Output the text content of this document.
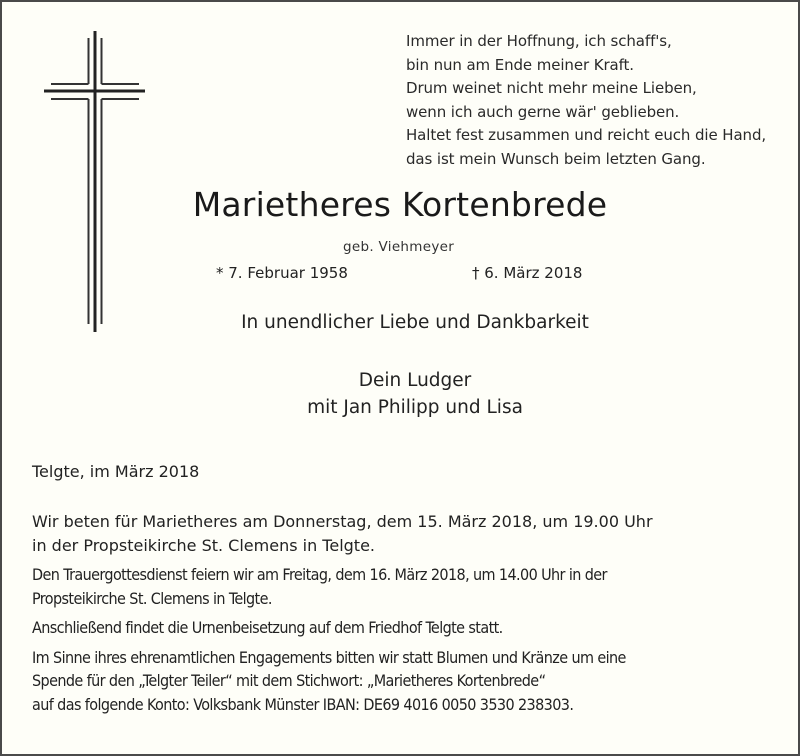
Immer in der Hoffnung, ich schaff's,
bin nun am Ende meiner Kraft.
Drum weinet nicht mehr meine Lieben,
wenn ich auch gerne wär' geblieben.
Haltet fest zusammen und reicht euch die Hand,
das ist mein Wunsch beim letzten Gang.
Marietheres Kortenbrede
geb. Viehmeyer
* 7. Februar 1958	† 6. März 2018
In unendlicher Liebe und Dankbarkeit
Dein Ludger
mit Jan Philipp und Lisa
Telgte, im März 2018

Wir beten für Marietheres am Donnerstag, dem 15. März 2018, um 19.00 Uhr
in der Propsteikirche St. Clemens in Telgte.

Den Trauergottesdienst feiern wir am Freitag, dem 16. März 2018, um 14.00 Uhr in der
Propsteikirche St. Clemens in Telgte.

Anschließend findet die Urnenbeisetzung auf dem Friedhof Telgte statt.

Im Sinne ihres ehrenamtlichen Engagements bitten wir statt Blumen und Kränze um eine
Spende für den „Telgter Teiler“ mit dem Stichwort: „Marietheres Kortenbrede“
auf das folgende Konto: Volksbank Münster IBAN: DE69 4016 0050 3530 238303.
